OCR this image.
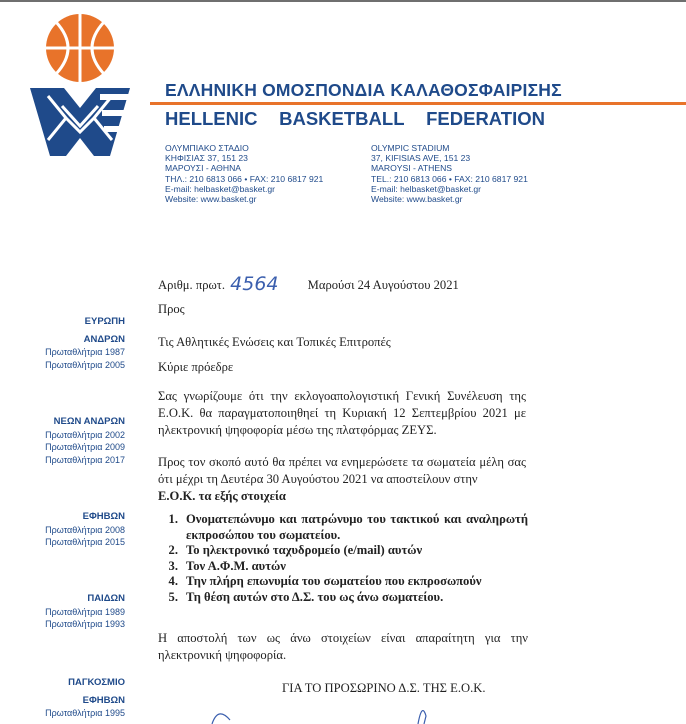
ΕΛΛΗΝΙΚΗ ΟΜΟΣΠΟΝΔΙΑ ΚΑΛΑΘΟΣΦΑΙΡΙΣΗΣ
HELLENIC BASKETBALL FEDERATION
ΟΛΥΜΠΙΑΚΟ ΣΤΑΔΙΟ
ΚΗΦΙΣΙΑΣ 37, 151 23
ΜΑΡΟΥΣΙ - ΑΘΗΝΑ
ΤΗΛ.: 210 6813 066 • FAX: 210 6817 921
E-mail: helbasket@basket.gr
Website: www.basket.gr
OLYMPIC STADIUM
37, KIFISIAS AVE, 151 23
MAROYSI - ATHENS
TEL.: 210 6813 066 • FAX: 210 6817 921
E-mail: helbasket@basket.gr
Website: www.basket.gr
ΕΥΡΩΠΗ
ΑΝΔΡΩΝ
Πρωταθλήτρια 1987
Πρωταθλήτρια 2005
ΝΕΩΝ ΑΝΔΡΩΝ
Πρωταθλήτρια 2002
Πρωταθλήτρια 2009
Πρωταθλήτρια 2017
ΕΦΗΒΩΝ
Πρωταθλήτρια 2008
Πρωταθλήτρια 2015
ΠΑΙΔΩΝ
Πρωταθλήτρια 1989
Πρωταθλήτρια 1993
ΠΑΓΚΟΣΜΙΟ
ΕΦΗΒΩΝ
Πρωταθλήτρια 1995
Αριθμ. πρωτ. 4564 Μαρούσι 24 Αυγούστου 2021
Προς
Τις Αθλητικές Ενώσεις και Τοπικές Επιτροπές
Κύριε πρόεδρε

Σας γνωρίζουμε ότι την εκλογοαπολογιστική Γενική Συνέλευση της Ε.Ο.Κ. θα παραγματοποιηθηεί τη Κυριακή 12 Σεπτεμβρίου 2021 με ηλεκτρονική ψηφοφορία μέσω της πλατφόρμας ΖΕΥΣ.

Προς τον σκοπό αυτό θα πρέπει να ενημερώσετε τα σωματεία μέλη σας ότι μέχρι τη Δευτέρα 30 Αυγούστου 2021 να αποστείλουν στην

Ε.Ο.Κ. τα εξής στοιχεία

1. Ονοματεπώνυμο και πατρώνυμο του τακτικού και αναληρωτή εκπροσώπου του σωματείου.
2. Το ηλεκτρονικό ταχυδρομείο (e/mail) αυτών
3. Τον Α.Φ.Μ. αυτών
4. Την πλήρη επωνυμία του σωματείου που εκπροσωπούν
5. Τη θέση αυτών στο Δ.Σ. του ως άνω σωματείου.

Η αποστολή των ως άνω στοιχείων είναι απαραίτητη για την ηλεκτρονική ψηφοφορία.

ΓΙΑ ΤΟ ΠΡΟΣΩΡΙΝΟ Δ.Σ. ΤΗΣ Ε.Ο.Κ.
